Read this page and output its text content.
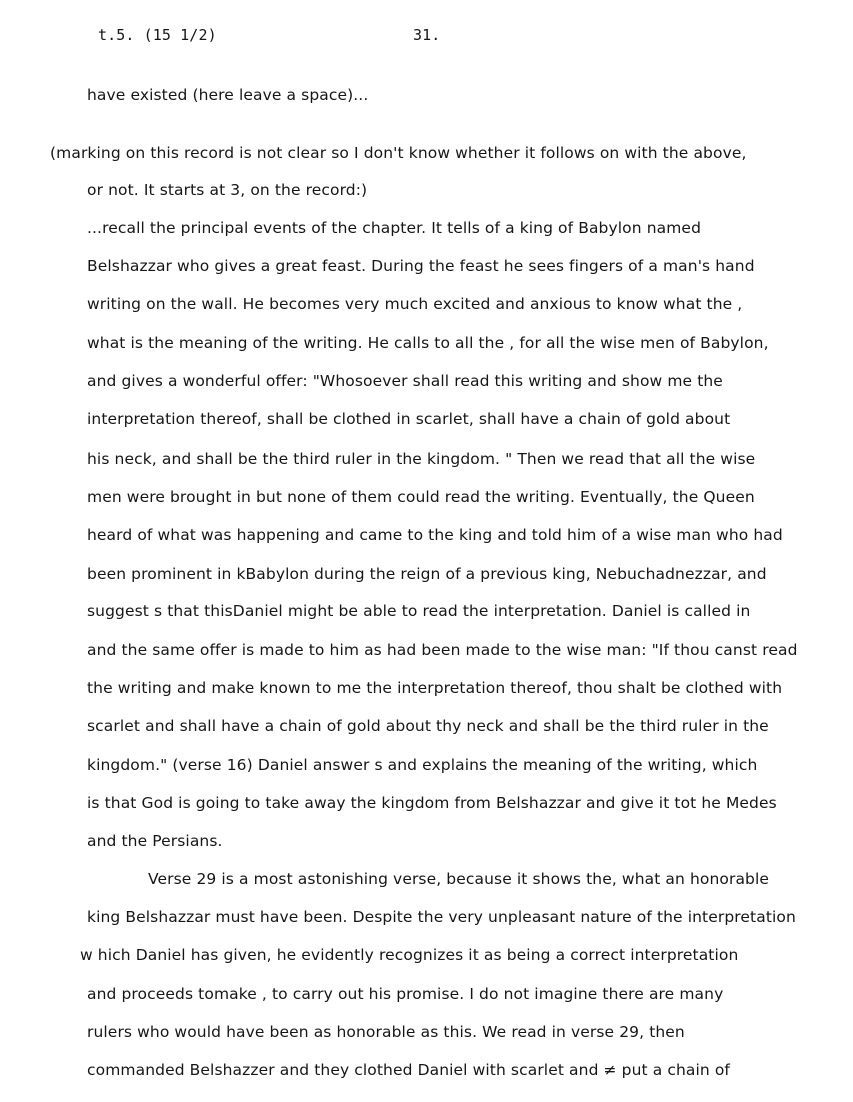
t.5. (15 1/2)	31.
have existed (here leave a space)...
(marking on this record is not clear so I don't know whether it follows on with the above,
or not. It starts at 3, on the record:)
...recall the principal events of the chapter. It tells of a king of Babylon named
Belshazzar who gives a great feast. During the feast he sees fingers of a man's hand
writing on the wall. He becomes very much excited and anxious to know what the ,
what is the meaning of the writing. He calls to all the , for all the wise men of Babylon,
and gives a wonderful offer: "Whosoever shall read this writing and show me the
interpretation thereof, shall be clothed in scarlet, shall have a chain of gold about
his neck, and shall be the third ruler in the kingdom. " Then we read that all the wise
men were brought in but none of them could read the writing. Eventually, the Queen
heard of what was happening and came to the king and told him of a wise man who had
been prominent in kBabylon during the reign of a previous king, Nebuchadnezzar, and
suggest s that thisDaniel might be able to read the interpretation. Daniel is called in
and the same offer is made to him as had been made to the wise man: "If thou canst read
the writing and make known to me the interpretation thereof, thou shalt be clothed with
scarlet and shall have a chain of gold about thy neck and shall be the third ruler in the
kingdom." (verse 16) Daniel answer s and explains the meaning of the writing, which
is that God is going to take away the kingdom from Belshazzar and give it tot he Medes
and the Persians.
Verse 29 is a most astonishing verse, because it shows the, what an honorable
king Belshazzar must have been. Despite the very unpleasant nature of the interpretation
w hich Daniel has given, he evidently recognizes it as being a correct interpretation
and proceeds tomake , to carry out his promise. I do not imagine there are many
rulers who would have been as honorable as this. We read in verse 29, then
commanded Belshazzer and they clothed Daniel with scarlet and ≠ put a chain of
